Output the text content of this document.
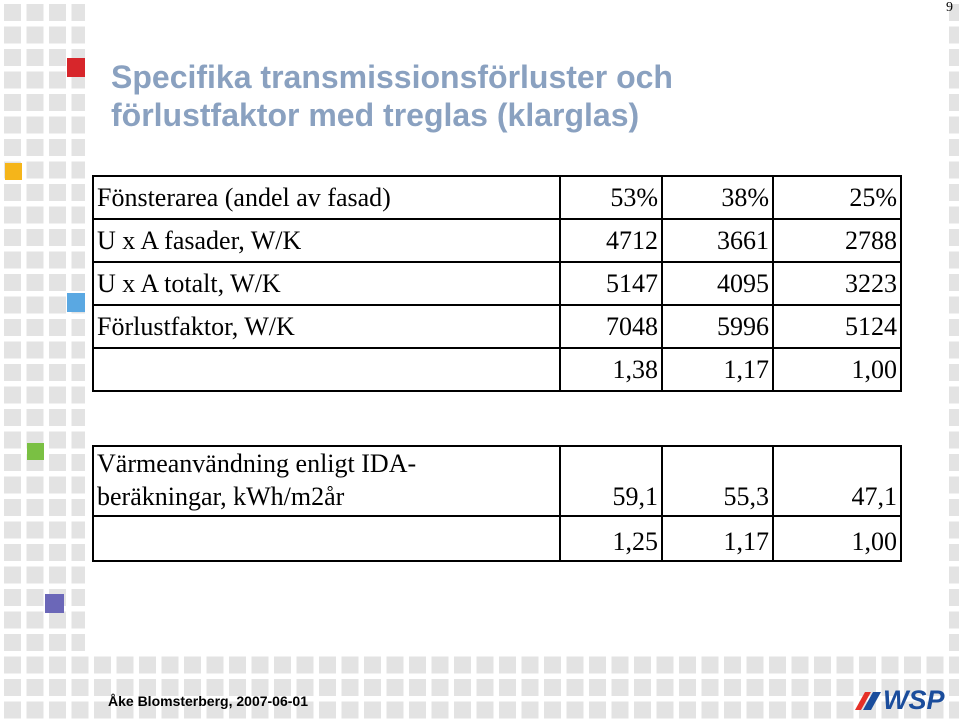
9
Specifika transmissionsförluster och
förlustfaktor med treglas (klarglas)
Fönsterarea (andel av fasad)	53%	38%	25%
U x A fasader, W/K	4712	3661	2788
U x A totalt, W/K	5147	4095	3223
Förlustfaktor, W/K	7048	5996	5124
	1,38	1,17	1,00
Värmeanvändning enligt IDA-
beräkningar, kWh/m2år	59,1	55,3	47,1

	1,25	1,17	1,00
Åke Blomsterberg, 2007-06-01	WSP
